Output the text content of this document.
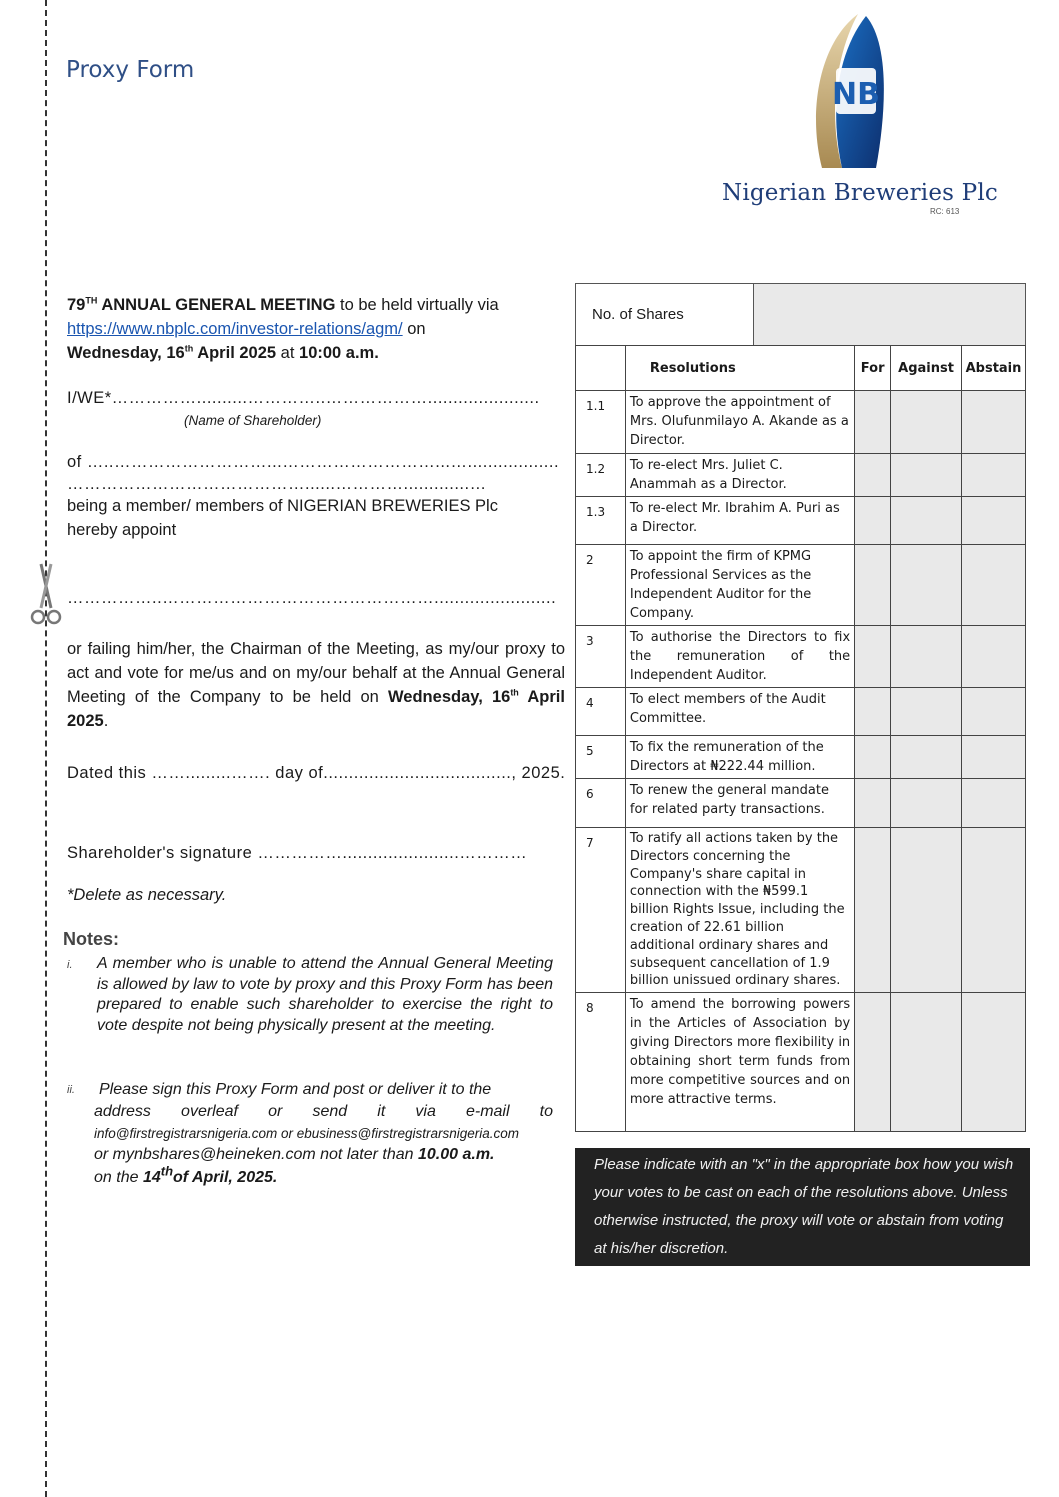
Proxy Form
NB
Nigerian Breweries Plc
RC: 613
79TH ANNUAL GENERAL MEETING to be held virtually via
https://www.nbplc.com/investor-relations/agm/ on
Wednesday, 16th April 2025 at 10:00 a.m.
I/WE*……………..........…………..………………......................
(Name of Shareholder)
of …..………………………...………………………...…..................
……………………………………......………….............…
being a member/ members of NIGERIAN BREWERIES Plc hereby appoint
……………..…………………………………………........................
or failing him/her, the Chairman of the Meeting, as my/our proxy to act and vote for me/us and on my/our behalf at the Annual General Meeting of the Company to be held on Wednesday, 16th April 2025.
Dated this …….........……. day of....................................., 2025.
Shareholder's signature …………….......................…………
*Delete as necessary.
Notes:
i. A member who is unable to attend the Annual General Meeting is allowed by law to vote by proxy and this Proxy Form has been prepared to enable such shareholder to exercise the right to vote despite not being physically present at the meeting.
ii. Please sign this Proxy Form and post or deliver it to the
address overleaf or send it via e-mail to
info@firstregistrarsnigeria.com or ebusiness@firstregistrarsnigeria.com
or mynbshares@heineken.com not later than 10.00 a.m.
on the 14thof April, 2025.
No. of Shares	
	Resolutions	For	Against	Abstain
1.1	To approve the appointment of Mrs. Olufunmilayo A. Akande as a Director.			
1.2	To re-elect Mrs. Juliet C. Anammah as a Director.			
1.3	To re-elect Mr. Ibrahim A. Puri as a Director.			
2	To appoint the firm of KPMG Professional Services as the Independent Auditor for the Company.			
3	To authorise the Directors to fix the remuneration of the Independent Auditor.			
4	To elect members of the Audit Committee.			
5	To fix the remuneration of the Directors at ₦222.44 million.			
6	To renew the general mandate for related party transactions.			
7	To ratify all actions taken by the Directors concerning the Company's share capital in connection with the ₦599.1 billion Rights Issue, including the creation of 22.61 billion additional ordinary shares and subsequent cancellation of 1.9 billion unissued ordinary shares.			
8	To amend the borrowing powers in the Articles of Association by giving Directors more flexibility in obtaining short term funds from more competitive sources and on more attractive terms.			
Please indicate with an "x" in the appropriate box how you wish your votes to be cast on each of the resolutions above. Unless otherwise instructed, the proxy will vote or abstain from voting at his/her discretion.
